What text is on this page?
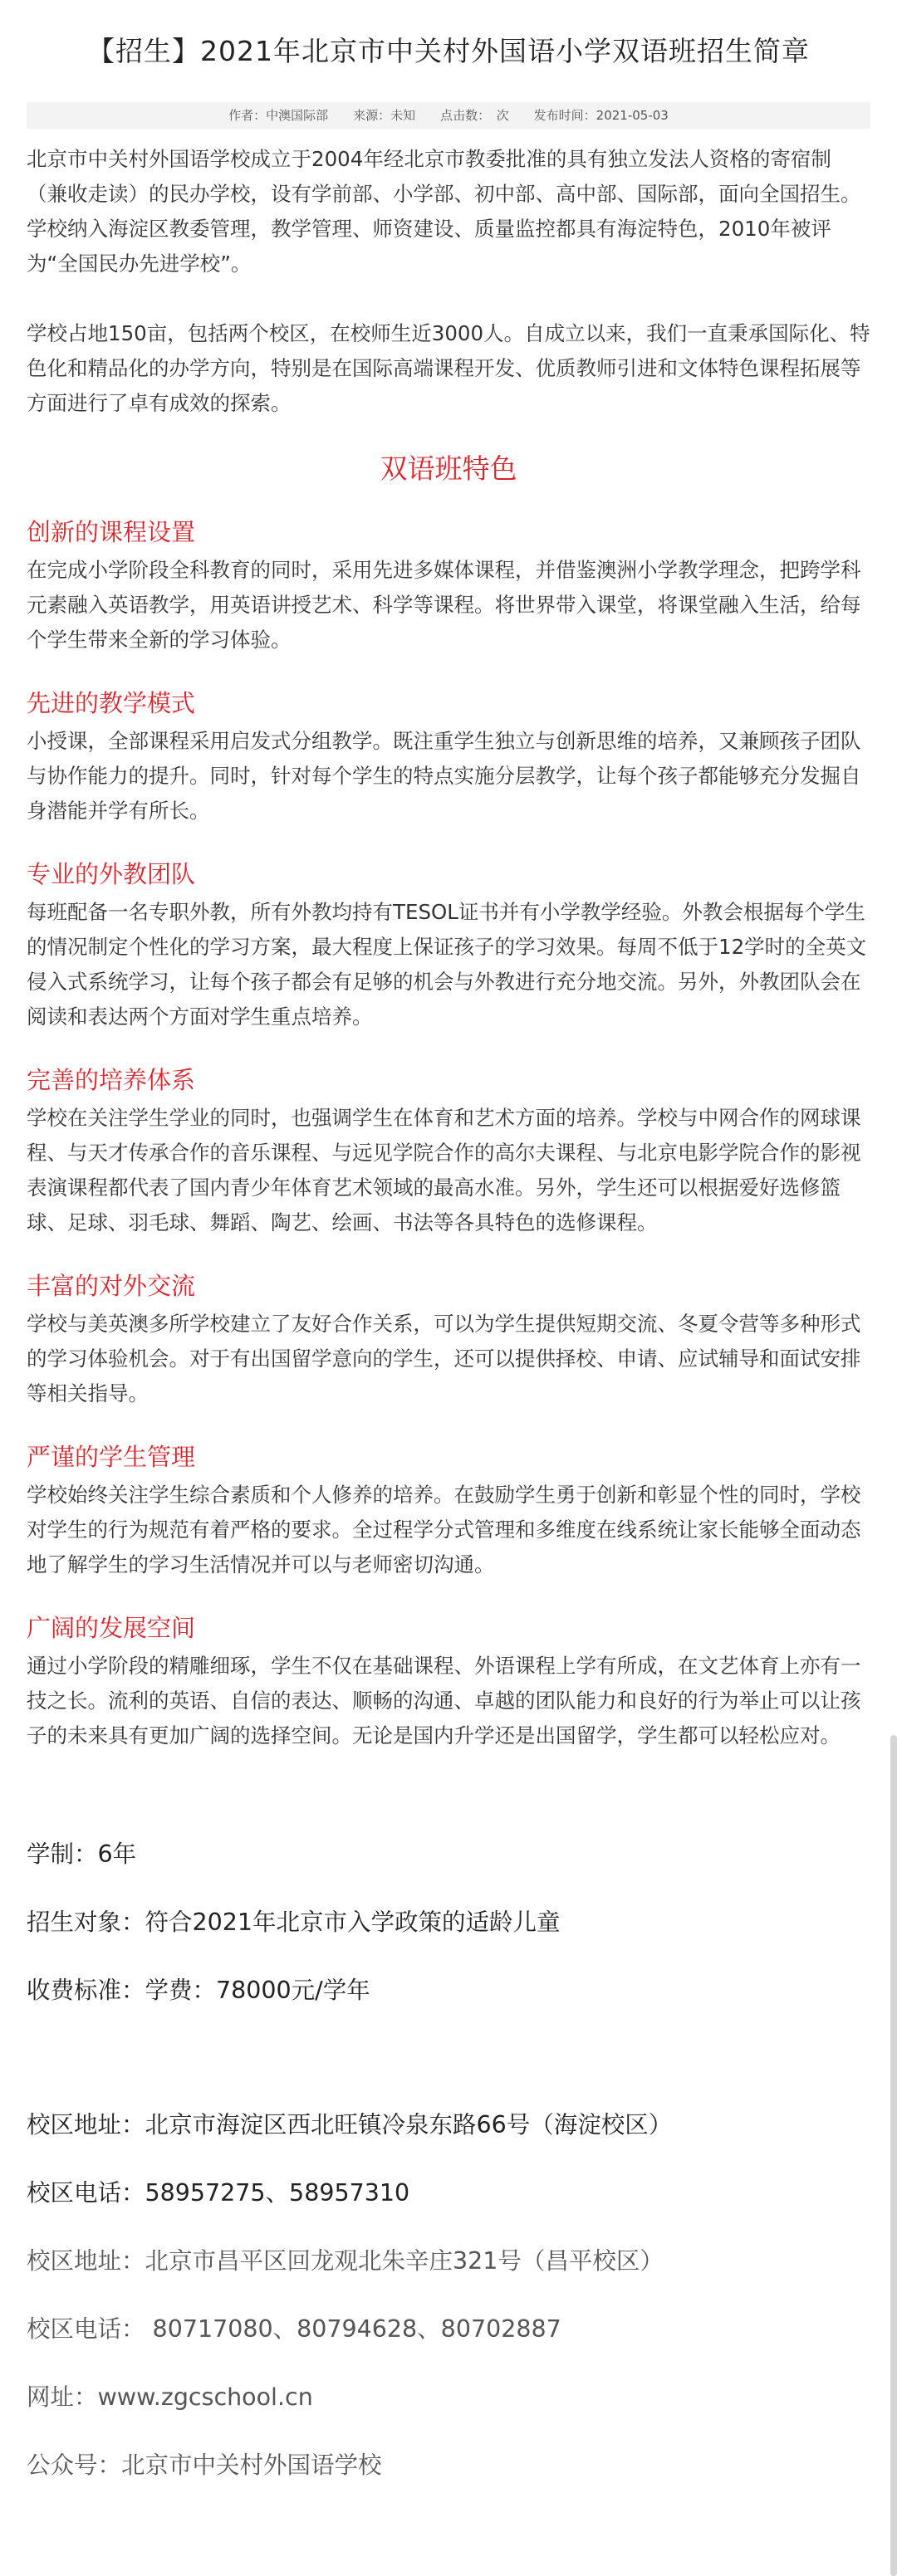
【招生】2021年北京市中关村外国语小学双语班招生简章
作者：中澳国际部　　来源：未知　　点击数：　次　　发布时间：2021-05-03

北京市中关村外国语学校成立于2004年经北京市教委批准的具有独立发法人资格的寄宿制（兼收走读）的民办学校，设有学前部、小学部、初中部、高中部、国际部，面向全国招生。学校纳入海淀区教委管理，教学管理、师资建设、质量监控都具有海淀特色，2010年被评为“全国民办先进学校”。

学校占地150亩，包括两个校区，在校师生近3000人。自成立以来，我们一直秉承国际化、特色化和精品化的办学方向，特别是在国际高端课程开发、优质教师引进和文体特色课程拓展等方面进行了卓有成效的探索。

双语班特色
创新的课程设置

在完成小学阶段全科教育的同时，采用先进多媒体课程，并借鉴澳洲小学教学理念，把跨学科元素融入英语教学，用英语讲授艺术、科学等课程。将世界带入课堂，将课堂融入生活，给每个学生带来全新的学习体验。

先进的教学模式

小授课，全部课程采用启发式分组教学。既注重学生独立与创新思维的培养，又兼顾孩子团队与协作能力的提升。同时，针对每个学生的特点实施分层教学，让每个孩子都能够充分发掘自身潜能并学有所长。

专业的外教团队

每班配备一名专职外教，所有外教均持有TESOL证书并有小学教学经验。外教会根据每个学生的情况制定个性化的学习方案，最大程度上保证孩子的学习效果。每周不低于12学时的全英文侵入式系统学习，让每个孩子都会有足够的机会与外教进行充分地交流。另外，外教团队会在阅读和表达两个方面对学生重点培养。

完善的培养体系

学校在关注学生学业的同时，也强调学生在体育和艺术方面的培养。学校与中网合作的网球课程、与天才传承合作的音乐课程、与远见学院合作的高尔夫课程、与北京电影学院合作的影视表演课程都代表了国内青少年体育艺术领域的最高水准。另外，学生还可以根据爱好选修篮球、足球、羽毛球、舞蹈、陶艺、绘画、书法等各具特色的选修课程。

丰富的对外交流

学校与美英澳多所学校建立了友好合作关系，可以为学生提供短期交流、冬夏令营等多种形式的学习体验机会。对于有出国留学意向的学生，还可以提供择校、申请、应试辅导和面试安排等相关指导。

严谨的学生管理

学校始终关注学生综合素质和个人修养的培养。在鼓励学生勇于创新和彰显个性的同时，学校对学生的行为规范有着严格的要求。全过程学分式管理和多维度在线系统让家长能够全面动态地了解学生的学习生活情况并可以与老师密切沟通。

广阔的发展空间

通过小学阶段的精雕细琢，学生不仅在基础课程、外语课程上学有所成，在文艺体育上亦有一技之长。流利的英语、自信的表达、顺畅的沟通、卓越的团队能力和良好的行为举止可以让孩子的未来具有更加广阔的选择空间。无论是国内升学还是出国留学，学生都可以轻松应对。

学制：6年

招生对象：符合2021年北京市入学政策的适龄儿童

收费标准：学费：78000元/学年

校区地址：北京市海淀区西北旺镇冷泉东路66号（海淀校区）

校区电话：58957275、58957310

校区地址：北京市昌平区回龙观北朱辛庄321号（昌平校区）

校区电话： 80717080、80794628、80702887

网址：www.zgcschool.cn

公众号：北京市中关村外国语学校
